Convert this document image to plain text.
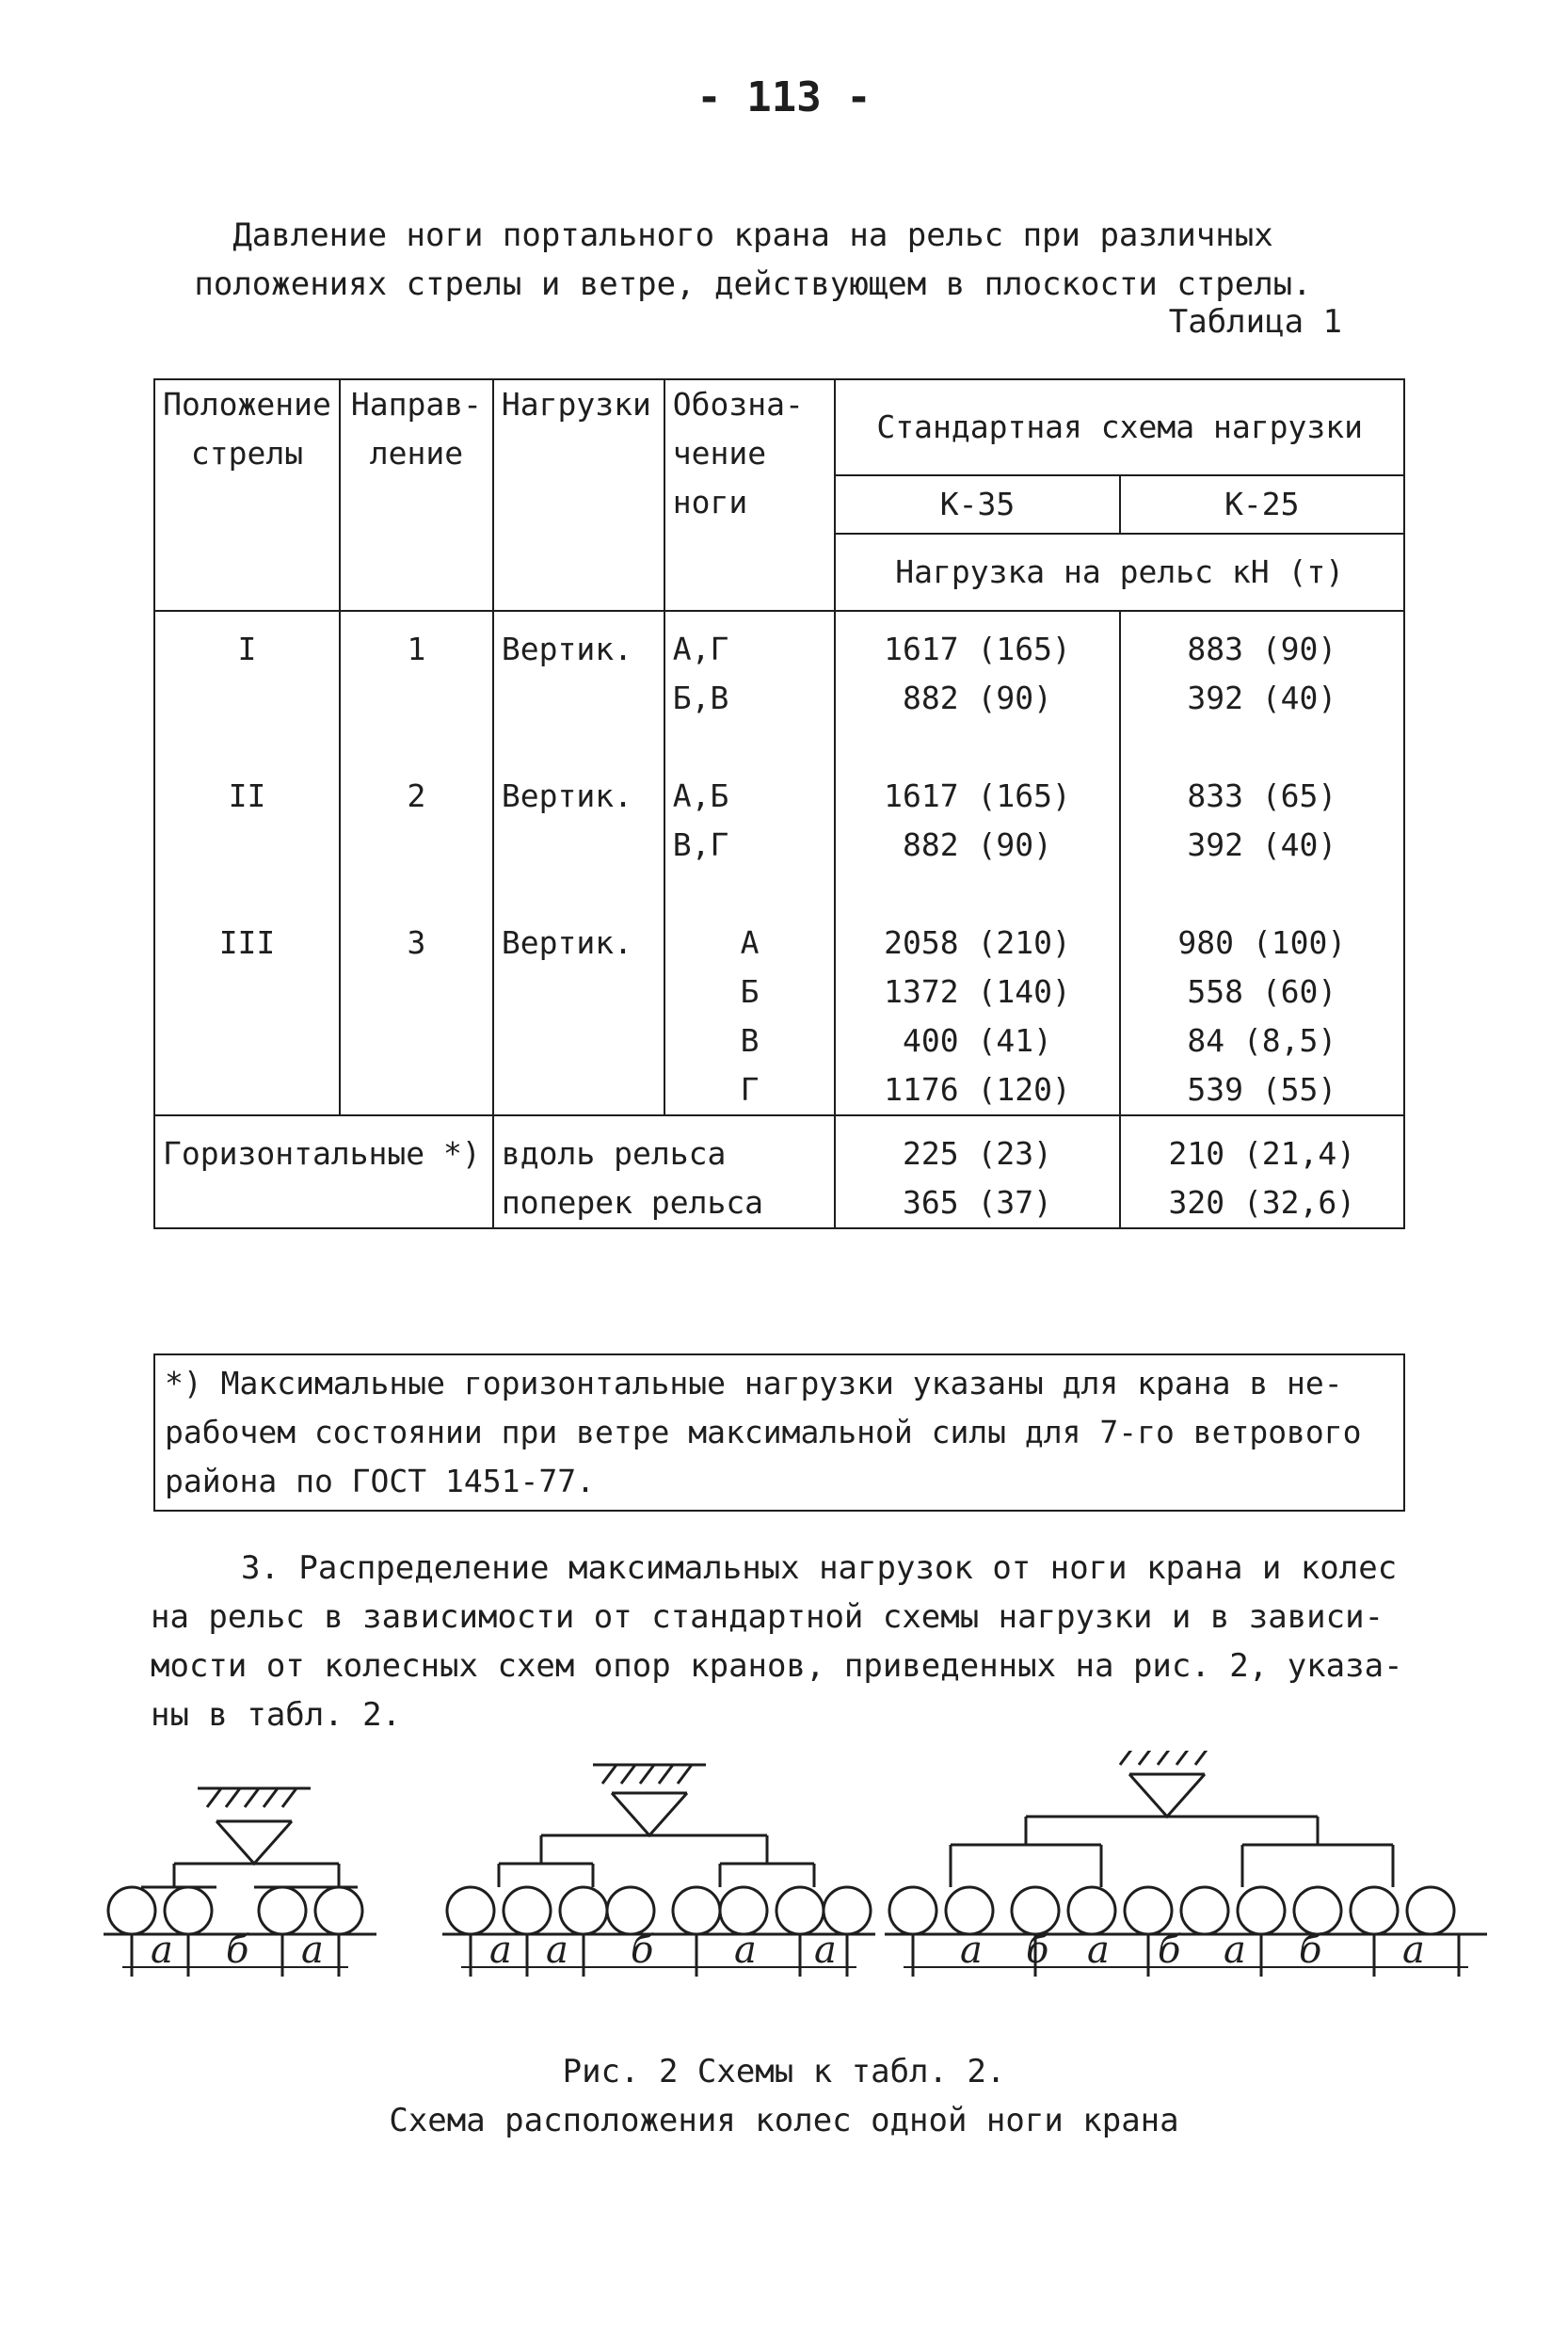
- 113 -
Давление ноги портального крана на рельс при различных
положениях стрелы и ветре, действующем в плоскости стрелы.
Таблица 1
Положение стрелы	Направ- ление	Нагрузки	Обозна- чение ноги	Стандартная схема нагрузки	
				К-35	К-25
				Нагрузка на рельс кН (т)	
I	1	Вертик.	А,Г	1617 (165)	883 (90)
			Б,В	882 (90)	392 (40)

II	2	Вертик.	А,Б	1617 (165)	833 (65)
			В,Г	882 (90)	392 (40)

III	3	Вертик.	А	2058 (210)	980 (100)
			Б	1372 (140)	558 (60)
			В	400 (41)	84 (8,5)
			Г	1176 (120)	539 (55)
Горизонтальные *)		вдоль рельса		225 (23)	210 (21,4)
		поперек рельса		365 (37)	320 (32,6)
*) Максимальные горизонтальные нагрузки указаны для крана в не-
рабочем состоянии при ветре максимальной силы для 7-го ветрового
района по ГОСТ 1451-77.
3. Распределение максимальных нагрузок от ноги крана и колес
на рельс в зависимости от стандартной схемы нагрузки и в зависи-
мости от колесных схем опор кранов, приведенных на рис. 2, указа-
ны в табл. 2.
а б а	а а б а а	а б а б а б а
Рис. 2 Схемы к табл. 2.
Схема расположения колес одной ноги крана
